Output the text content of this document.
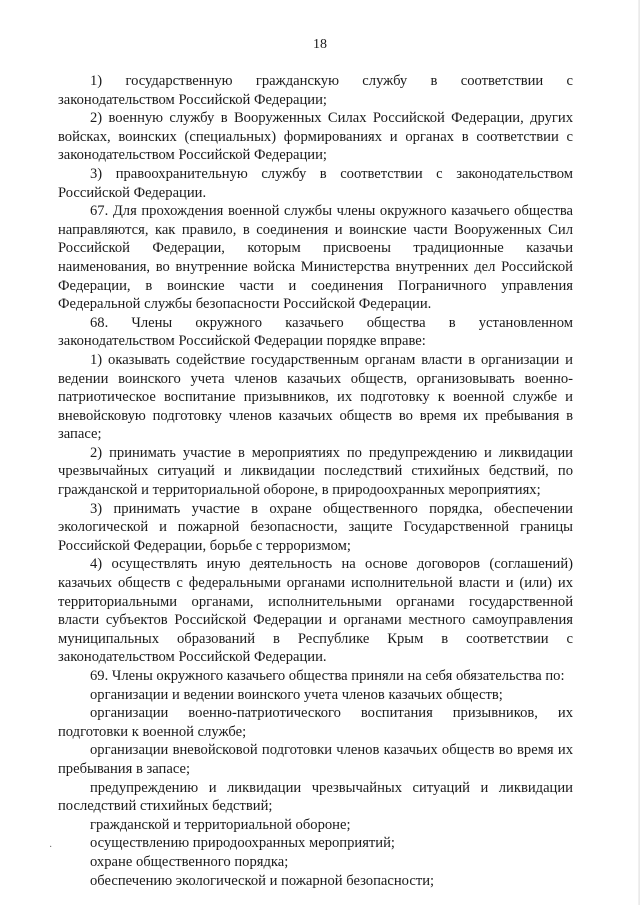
18

1) государственную гражданскую службу в соответствии с законодательством Российской Федерации;

2) военную службу в Вооруженных Силах Российской Федерации, других войсках, воинских (специальных) формированиях и органах в соответствии с законодательством Российской Федерации;

3) правоохранительную службу в соответствии с законодательством Российской Федерации.

67. Для прохождения военной службы члены окружного казачьего общества направляются, как правило, в соединения и воинские части Вооруженных Сил Российской Федерации, которым присвоены традиционные казачьи наименования, во внутренние войска Министерства внутренних дел Российской Федерации, в воинские части и соединения Пограничного управления Федеральной службы безопасности Российской Федерации.

68. Члены окружного казачьего общества в установленном законодательством Российской Федерации порядке вправе:

1) оказывать содействие государственным органам власти в организации и ведении воинского учета членов казачьих обществ, организовывать военно-патриотическое воспитание призывников, их подготовку к военной службе и вневойсковую подготовку членов казачьих обществ во время их пребывания в запасе;

2) принимать участие в мероприятиях по предупреждению и ликвидации чрезвычайных ситуаций и ликвидации последствий стихийных бедствий, по гражданской и территориальной обороне, в природоохранных мероприятиях;

3) принимать участие в охране общественного порядка, обеспечении экологической и пожарной безопасности, защите Государственной границы Российской Федерации, борьбе с терроризмом;

4) осуществлять иную деятельность на основе договоров (соглашений) казачьих обществ с федеральными органами исполнительной власти и (или) их территориальными органами, исполнительными органами государственной власти субъектов Российской Федерации и органами местного самоуправления муниципальных образований в Республике Крым в соответствии с законодательством Российской Федерации.

69. Члены окружного казачьего общества приняли на себя обязательства по:

организации и ведении воинского учета членов казачьих обществ;

организации военно-патриотического воспитания призывников, их подготовки к военной службе;

организации вневойсковой подготовки членов казачьих обществ во время их пребывания в запасе;

предупреждению и ликвидации чрезвычайных ситуаций и ликвидации последствий стихийных бедствий;

гражданской и территориальной обороне;

осуществлению природоохранных мероприятий;

охране общественного порядка;

обеспечению экологической и пожарной безопасности;

·
